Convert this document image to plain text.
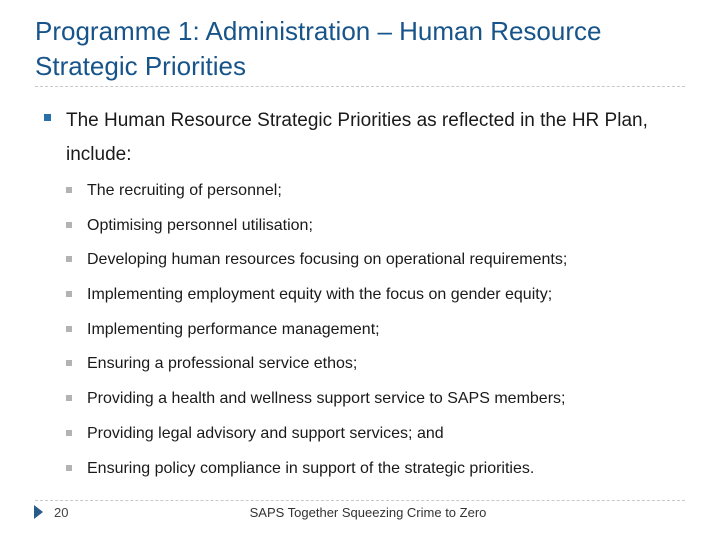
Programme 1: Administration – Human Resource Strategic Priorities
The Human Resource Strategic Priorities as reflected in the HR Plan, include:
The recruiting of personnel;
Optimising personnel utilisation;
Developing human resources focusing on operational requirements;
Implementing employment equity with the focus on gender equity;
Implementing performance management;
Ensuring a professional service ethos;
Providing a health and wellness support service to SAPS members;
Providing legal advisory and support services; and
Ensuring policy compliance in support of the strategic priorities.
20	SAPS Together Squeezing Crime to Zero
